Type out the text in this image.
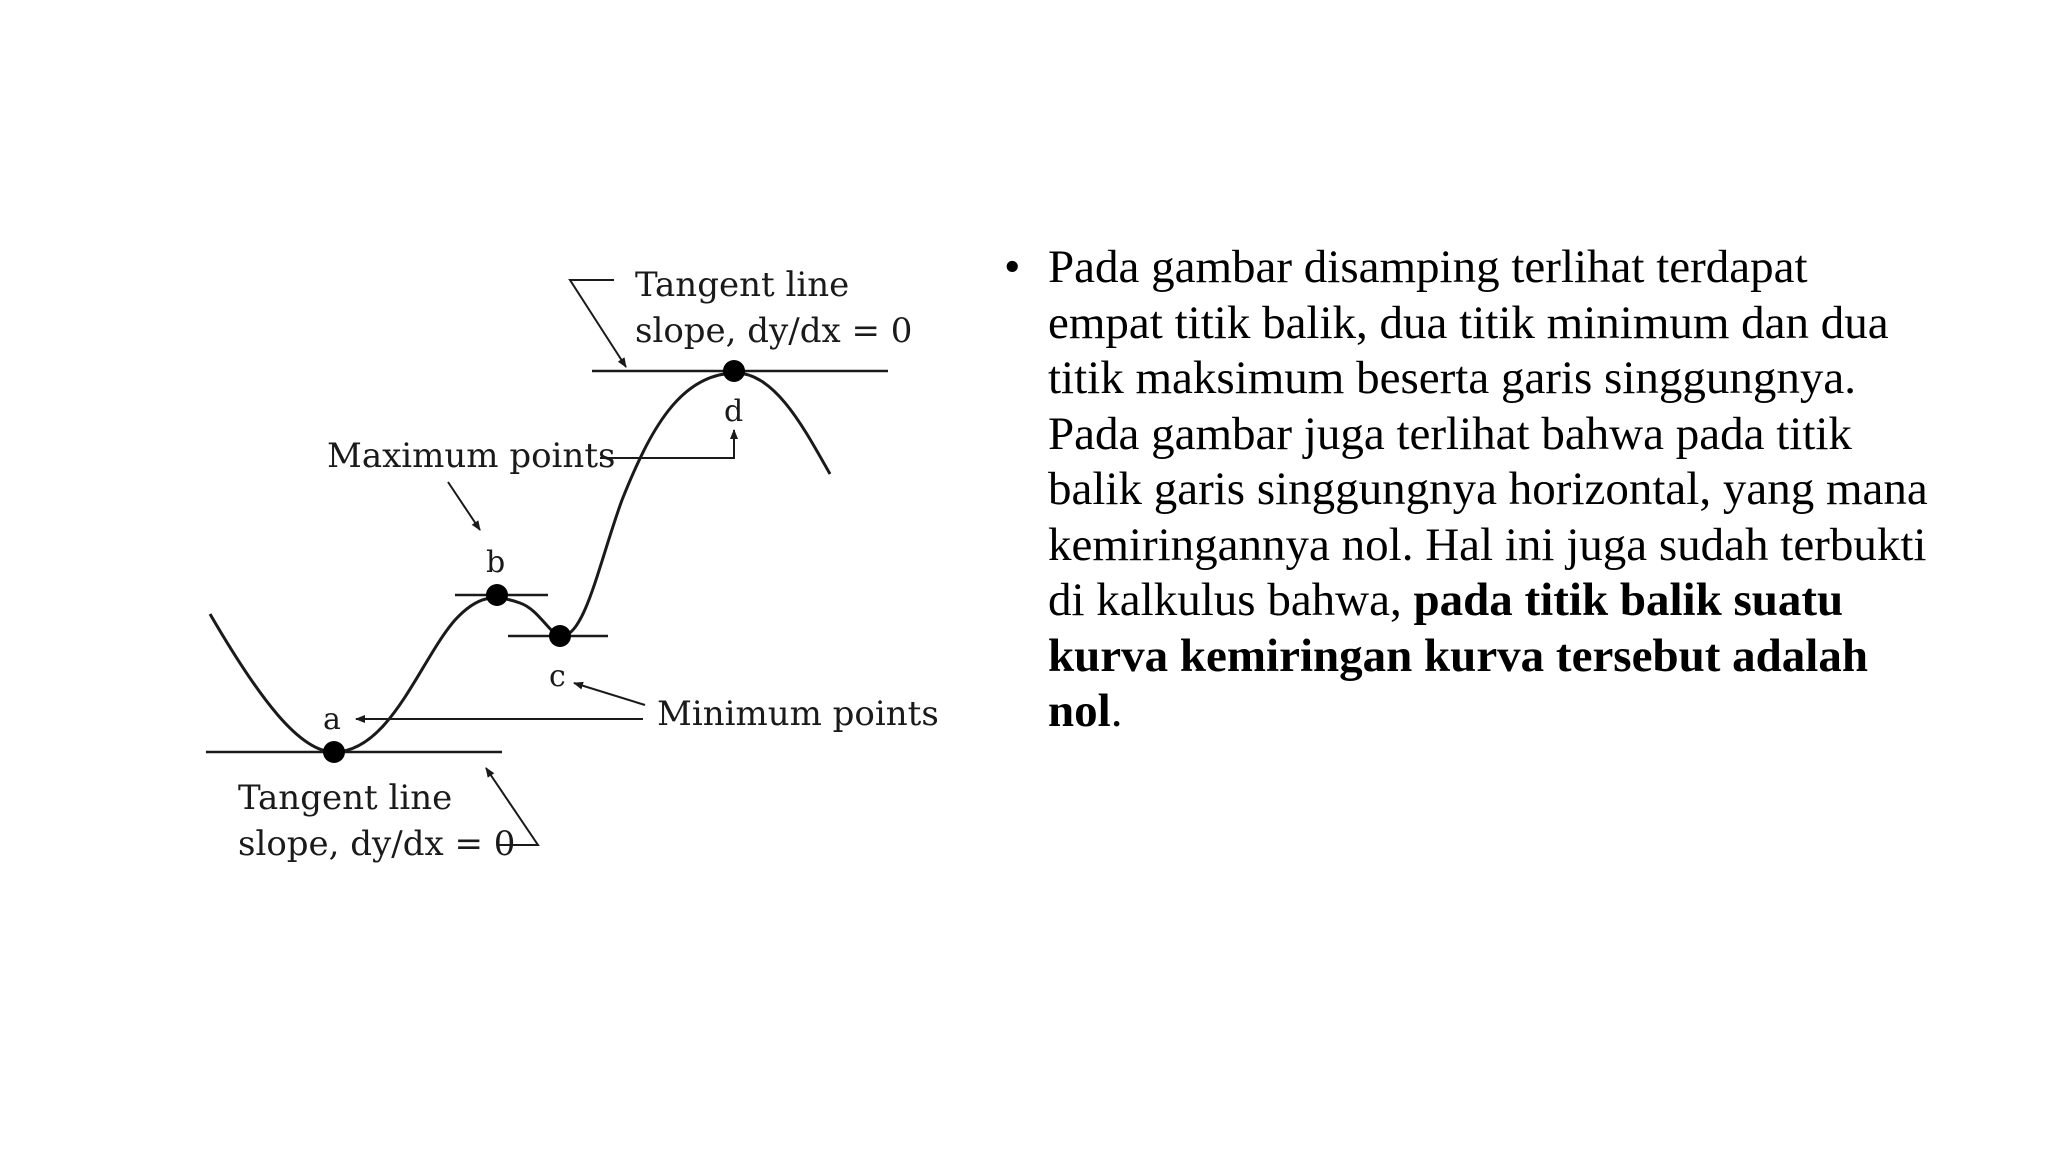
a
b
c
d
Tangent line
slope, dy/dx = 0
Maximum points
Minimum points
Tangent line
slope, dy/dx = 0

• Pada gambar disamping terlihat terdapat empat titik balik, dua titik minimum dan dua titik maksimum beserta garis singgungnya. Pada gambar juga terlihat bahwa pada titik balik garis singgungnya horizontal, yang mana kemiringannya nol. Hal ini juga sudah terbukti di kalkulus bahwa, pada titik balik suatu kurva kemiringan kurva tersebut adalah nol.
